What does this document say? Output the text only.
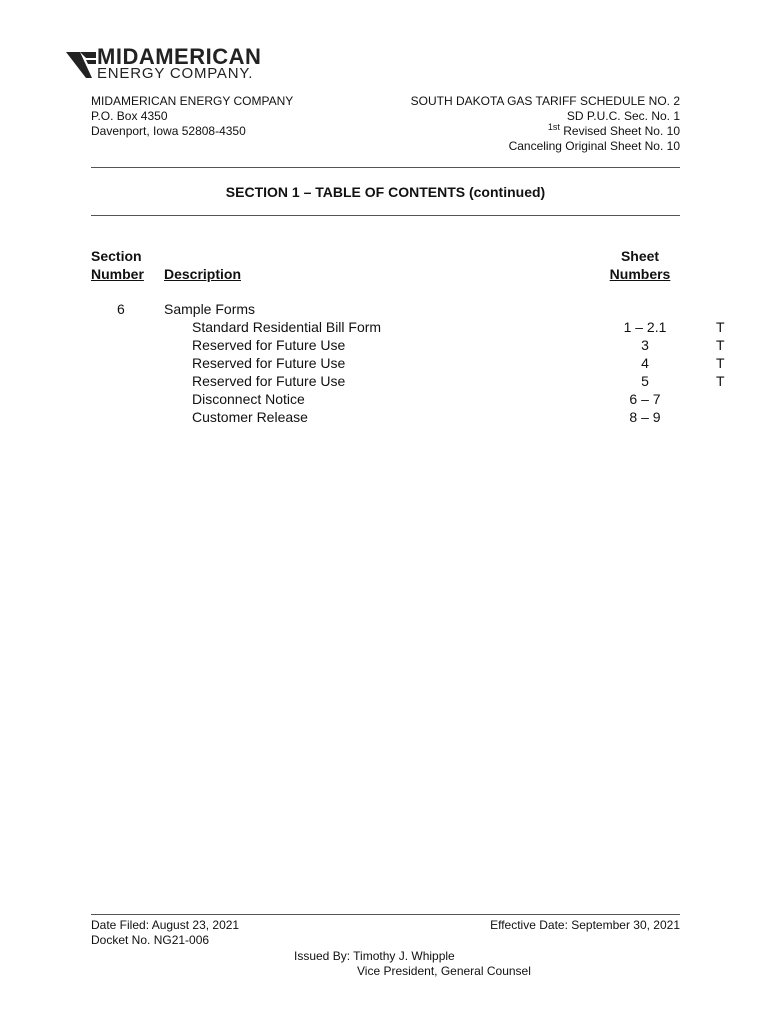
MIDAMERICAN
ENERGY COMPANY.
MIDAMERICAN ENERGY COMPANY
P.O. Box 4350
Davenport, Iowa 52808-4350
SOUTH DAKOTA GAS TARIFF SCHEDULE NO. 2
SD P.U.C. Sec. No. 1
$^{1st}$ Revised Sheet No. 10
Canceling Original Sheet No. 10
SECTION 1 – TABLE OF CONTENTS (continued)
Section
Number Description
Sheet
Numbers
6	Sample Forms
Standard Residential Bill Form	1 – 2.1	T
Reserved for Future Use	3	T
Reserved for Future Use	4	T
Reserved for Future Use	5	T
Disconnect Notice	6 – 7
Customer Release	8 – 9
Date Filed: August 23, 2021
Docket No. NG21-006
Effective Date: September 30, 2021
Issued By: Timothy J. Whipple
Vice President, General Counsel
